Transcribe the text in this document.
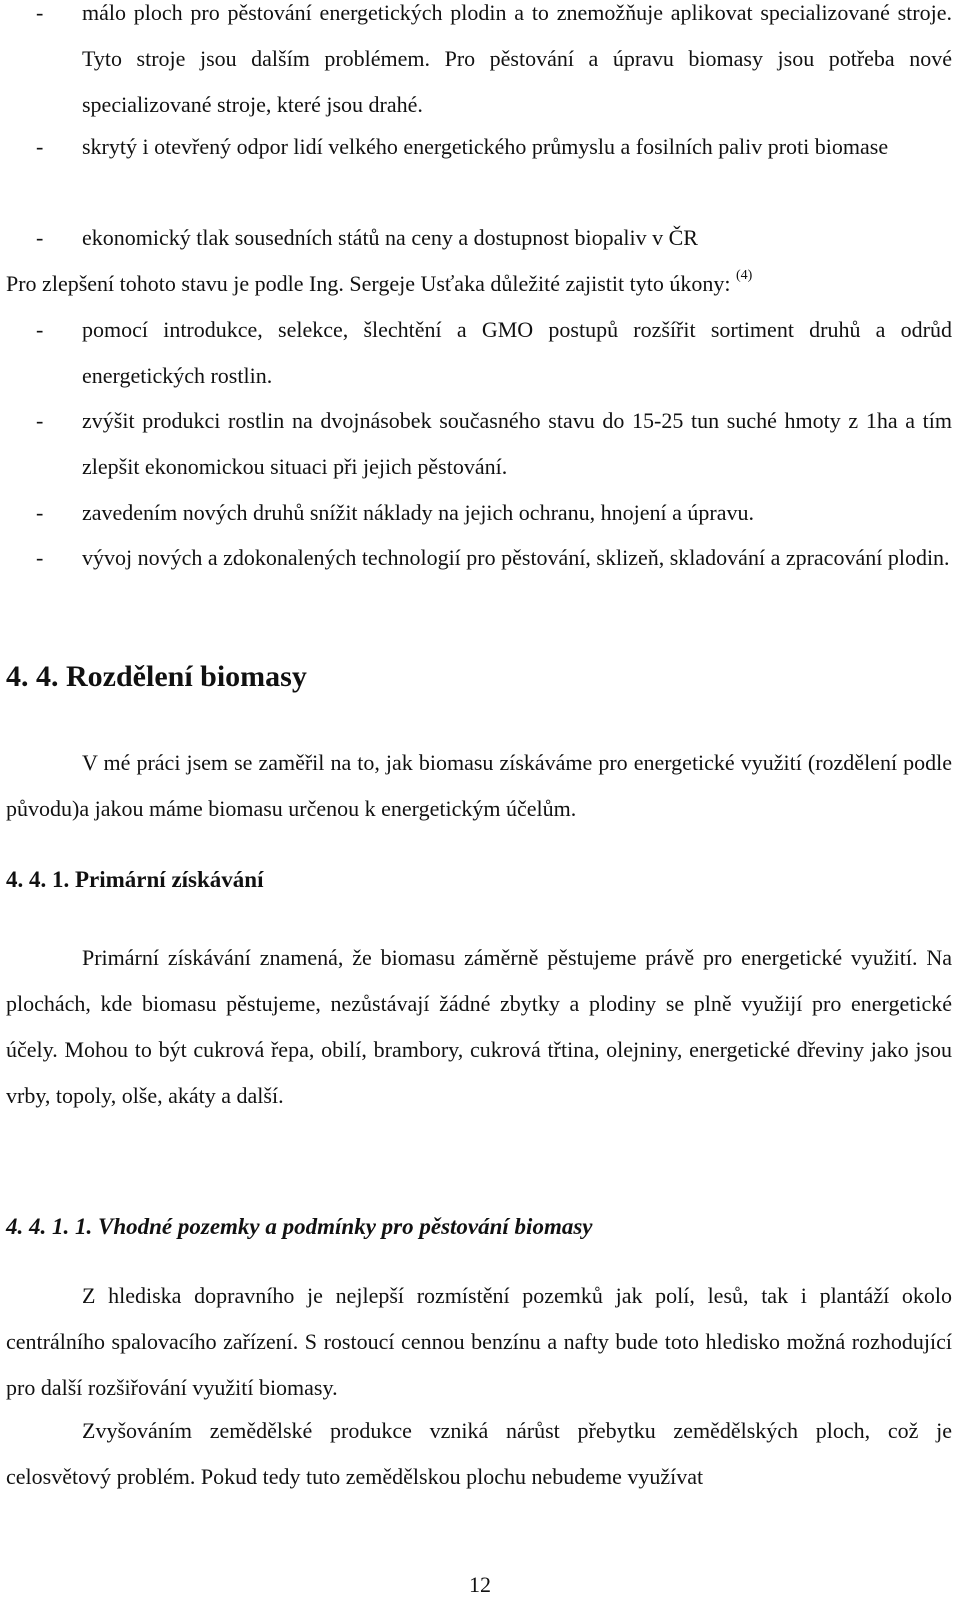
- málo ploch pro pěstování energetických plodin a to znemožňuje aplikovat specializované stroje. Tyto stroje jsou dalším problémem. Pro pěstování a úpravu biomasy jsou potřeba nové specializované stroje, které jsou drahé.
- skrytý i otevřený odpor lidí velkého energetického průmyslu a fosilních paliv proti biomase
- ekonomický tlak sousedních států na ceny a dostupnost biopaliv v ČR

Pro zlepšení tohoto stavu je podle Ing. Sergeje Usťaka důležité zajistit tyto úkony: $^{(4)}$

- pomocí introdukce, selekce, šlechtění a GMO postupů rozšířit sortiment druhů a odrůd energetických rostlin.
- zvýšit produkci rostlin na dvojnásobek současného stavu do 15-25 tun suché hmoty z 1ha a tím zlepšit ekonomickou situaci při jejich pěstování.
- zavedením nových druhů snížit náklady na jejich ochranu, hnojení a úpravu.
- vývoj nových a zdokonalených technologií pro pěstování, sklizeň, skladování a zpracování plodin.
4. 4. Rozdělení biomasy

V mé práci jsem se zaměřil na to, jak biomasu získáváme pro energetické využití (rozdělení podle původu)a jakou máme biomasu určenou k energetickým účelům.

4. 4. 1. Primární získávání

Primární získávání znamená, že biomasu záměrně pěstujeme právě pro energetické využití. Na plochách, kde biomasu pěstujeme, nezůstávají žádné zbytky a plodiny se plně využijí pro energetické účely. Mohou to být cukrová řepa, obilí, brambory, cukrová třtina, olejniny, energetické dřeviny jako jsou vrby, topoly, olše, akáty a další.

4. 4. 1. 1. Vhodné pozemky a podmínky pro pěstování biomasy

Z hlediska dopravního je nejlepší rozmístění pozemků jak polí, lesů, tak i plantáží okolo centrálního spalovacího zařízení. S rostoucí cennou benzínu a nafty bude toto hledisko možná rozhodující pro další rozšiřování využití biomasy.

Zvyšováním zemědělské produkce vzniká nárůst přebytku zemědělských ploch, což je celosvětový problém. Pokud tedy tuto zemědělskou plochu nebudeme využívat

12
